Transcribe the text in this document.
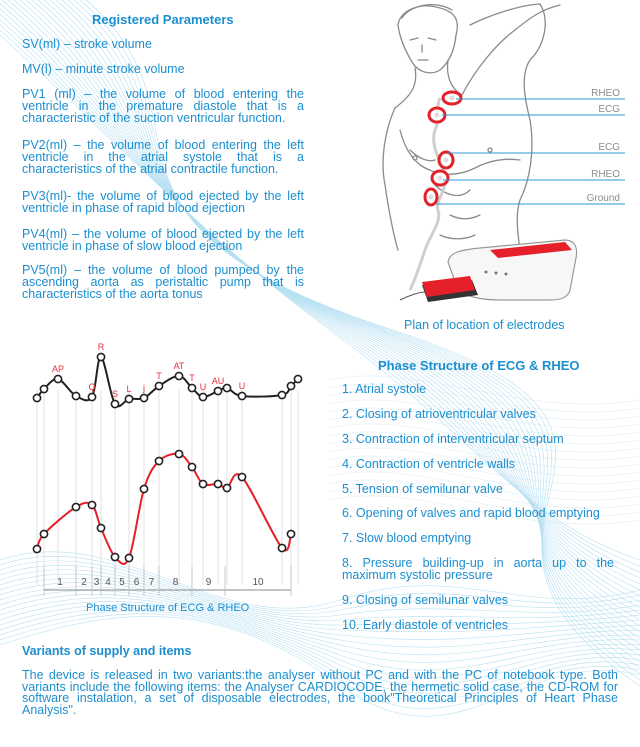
Registered Parameters
SV(ml) – stroke volume
MV(l) – minute stroke volume
PV1 (ml) – the volume of blood entering the ventricle in the premature diastole that is a characteristic of the suction ventricular function.
PV2(ml) – the volume of blood entering the left ventricle in the atrial systole that is a characteristics of the atrial contractile function.
PV3(ml)- the volume of blood ejected by the left ventricle in phase of rapid blood ejection
PV4(ml) – the volume of blood ejected by the left ventricle in phase of slow blood ejection
PV5(ml) – the volume of blood pumped by the ascending aorta as peristaltic pump that is characteristics of the aorta tonus
RHEO
ECG
ECG
RHEO
Ground
Plan of location of electrodes
AP
Q
R
S L j
T
AT
T
U
AU U
1 2 3 4 5 6 7 8	9	10
Phase Structure of ECG & RHEO
Phase Structure of ECG & RHEO
1. Atrial systole
2. Closing of atrioventricular valves
3. Contraction of interventricular septum
4. Contraction of ventricle walls
5. Tension of semilunar valve
6. Opening of valves and rapid blood emptying
7. Slow blood emptying
8. Pressure building-up in aorta up to the maximum systolic pressure
9. Closing of semilunar valves
10. Early diastole of ventricles
Variants of supply and items
The device is released in two variants:the analyser without PC and with the PC of notebook type. Both variants include the following items: the Analyser CARDIOCODE, the hermetic solid case, the CD-ROM for software instalation, a set of disposable electrodes, the book"Theoretical Principles of Heart Phase Analysis".
